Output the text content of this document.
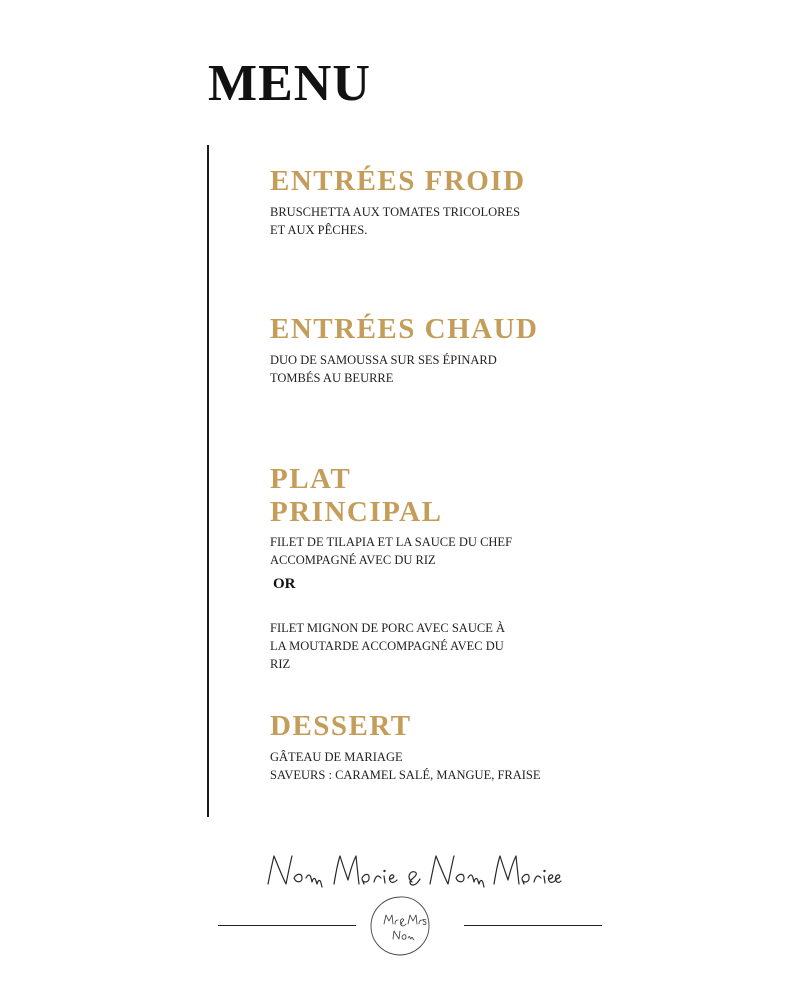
MENU
ENTRÉES FROID
BRUSCHETTA AUX TOMATES TRICOLORES
ET AUX PÊCHES.
ENTRÉES CHAUD
DUO DE SAMOUSSA SUR SES ÉPINARD
TOMBÉS AU BEURRE
PLAT
PRINCIPAL
FILET DE TILAPIA ET LA SAUCE DU CHEF
ACCOMPAGNÉ AVEC DU RIZ
OR
FILET MIGNON DE PORC AVEC SAUCE À
LA MOUTARDE ACCOMPAGNÉ AVEC DU
RIZ
DESSERT
GÂTEAU DE MARIAGE
SAVEURS : CARAMEL SALÉ, MANGUE, FRAISE
